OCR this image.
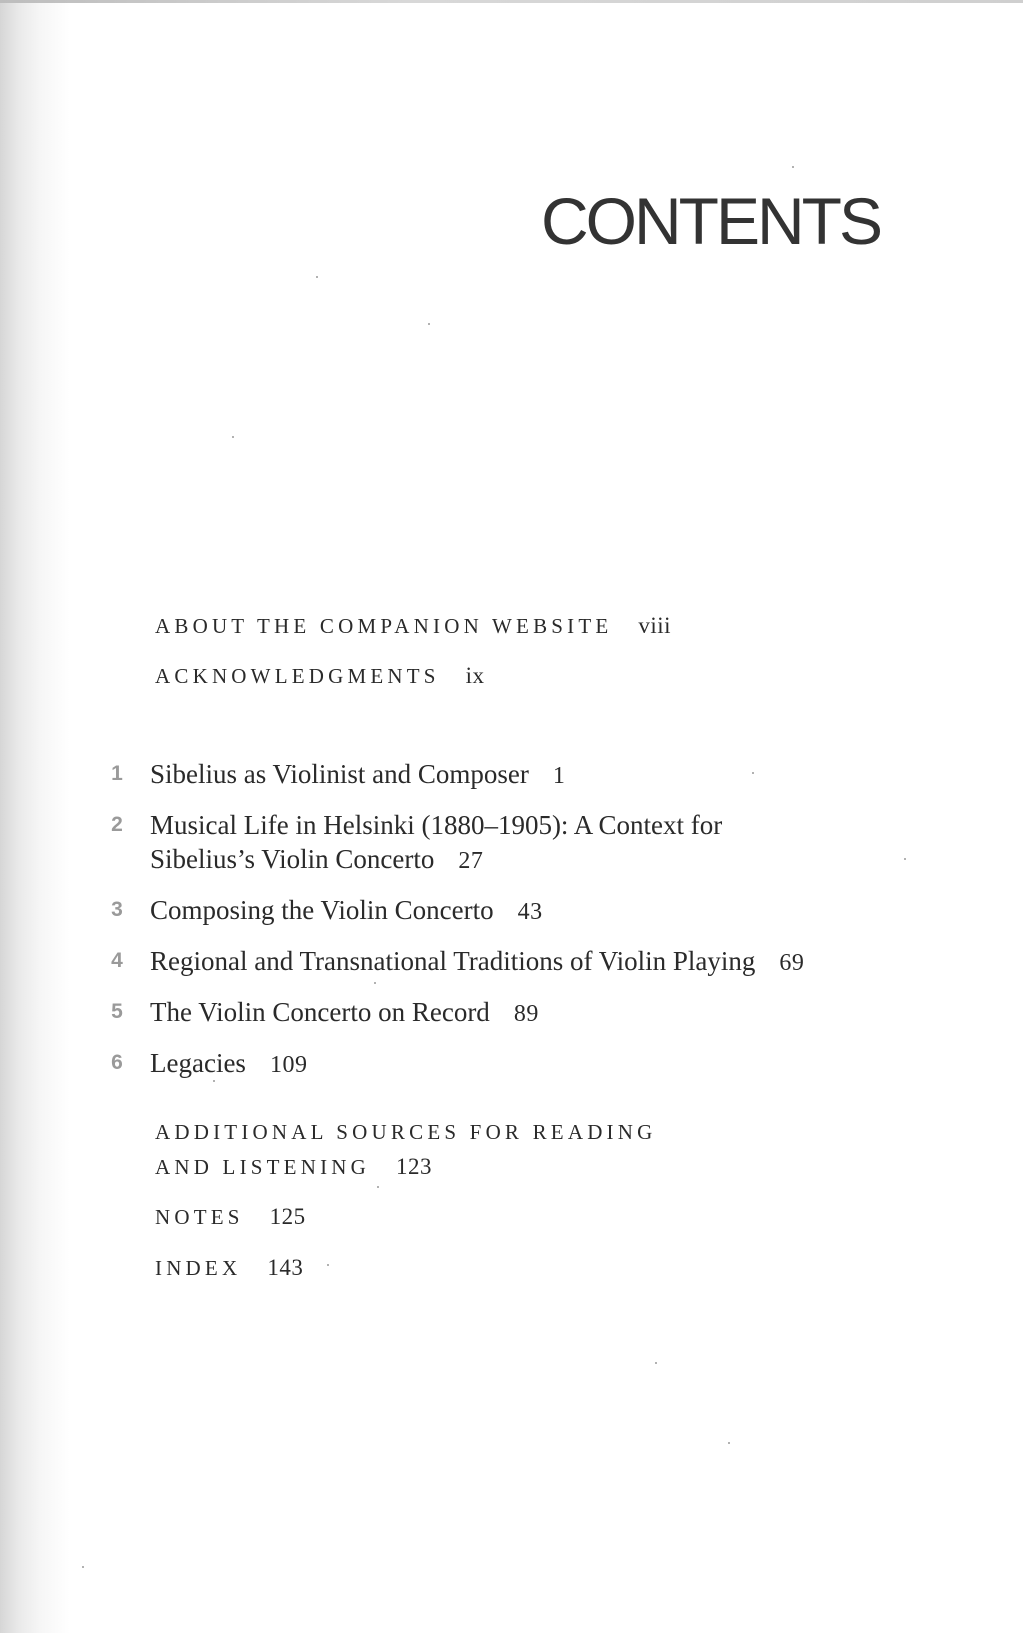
CONTENTS
ABOUT THE COMPANION WEBSITE viii
ACKNOWLEDGMENTS ix
1 Sibelius as Violinist and Composer 1
2 Musical Life in Helsinki (1880–1905): A Context for
Sibelius’s Violin Concerto 27
3 Composing the Violin Concerto 43
4 Regional and Transnational Traditions of Violin Playing 69
5 The Violin Concerto on Record 89
6 Legacies 109
ADDITIONAL SOURCES FOR READING
AND LISTENING 123
NOTES 125
INDEX 143
